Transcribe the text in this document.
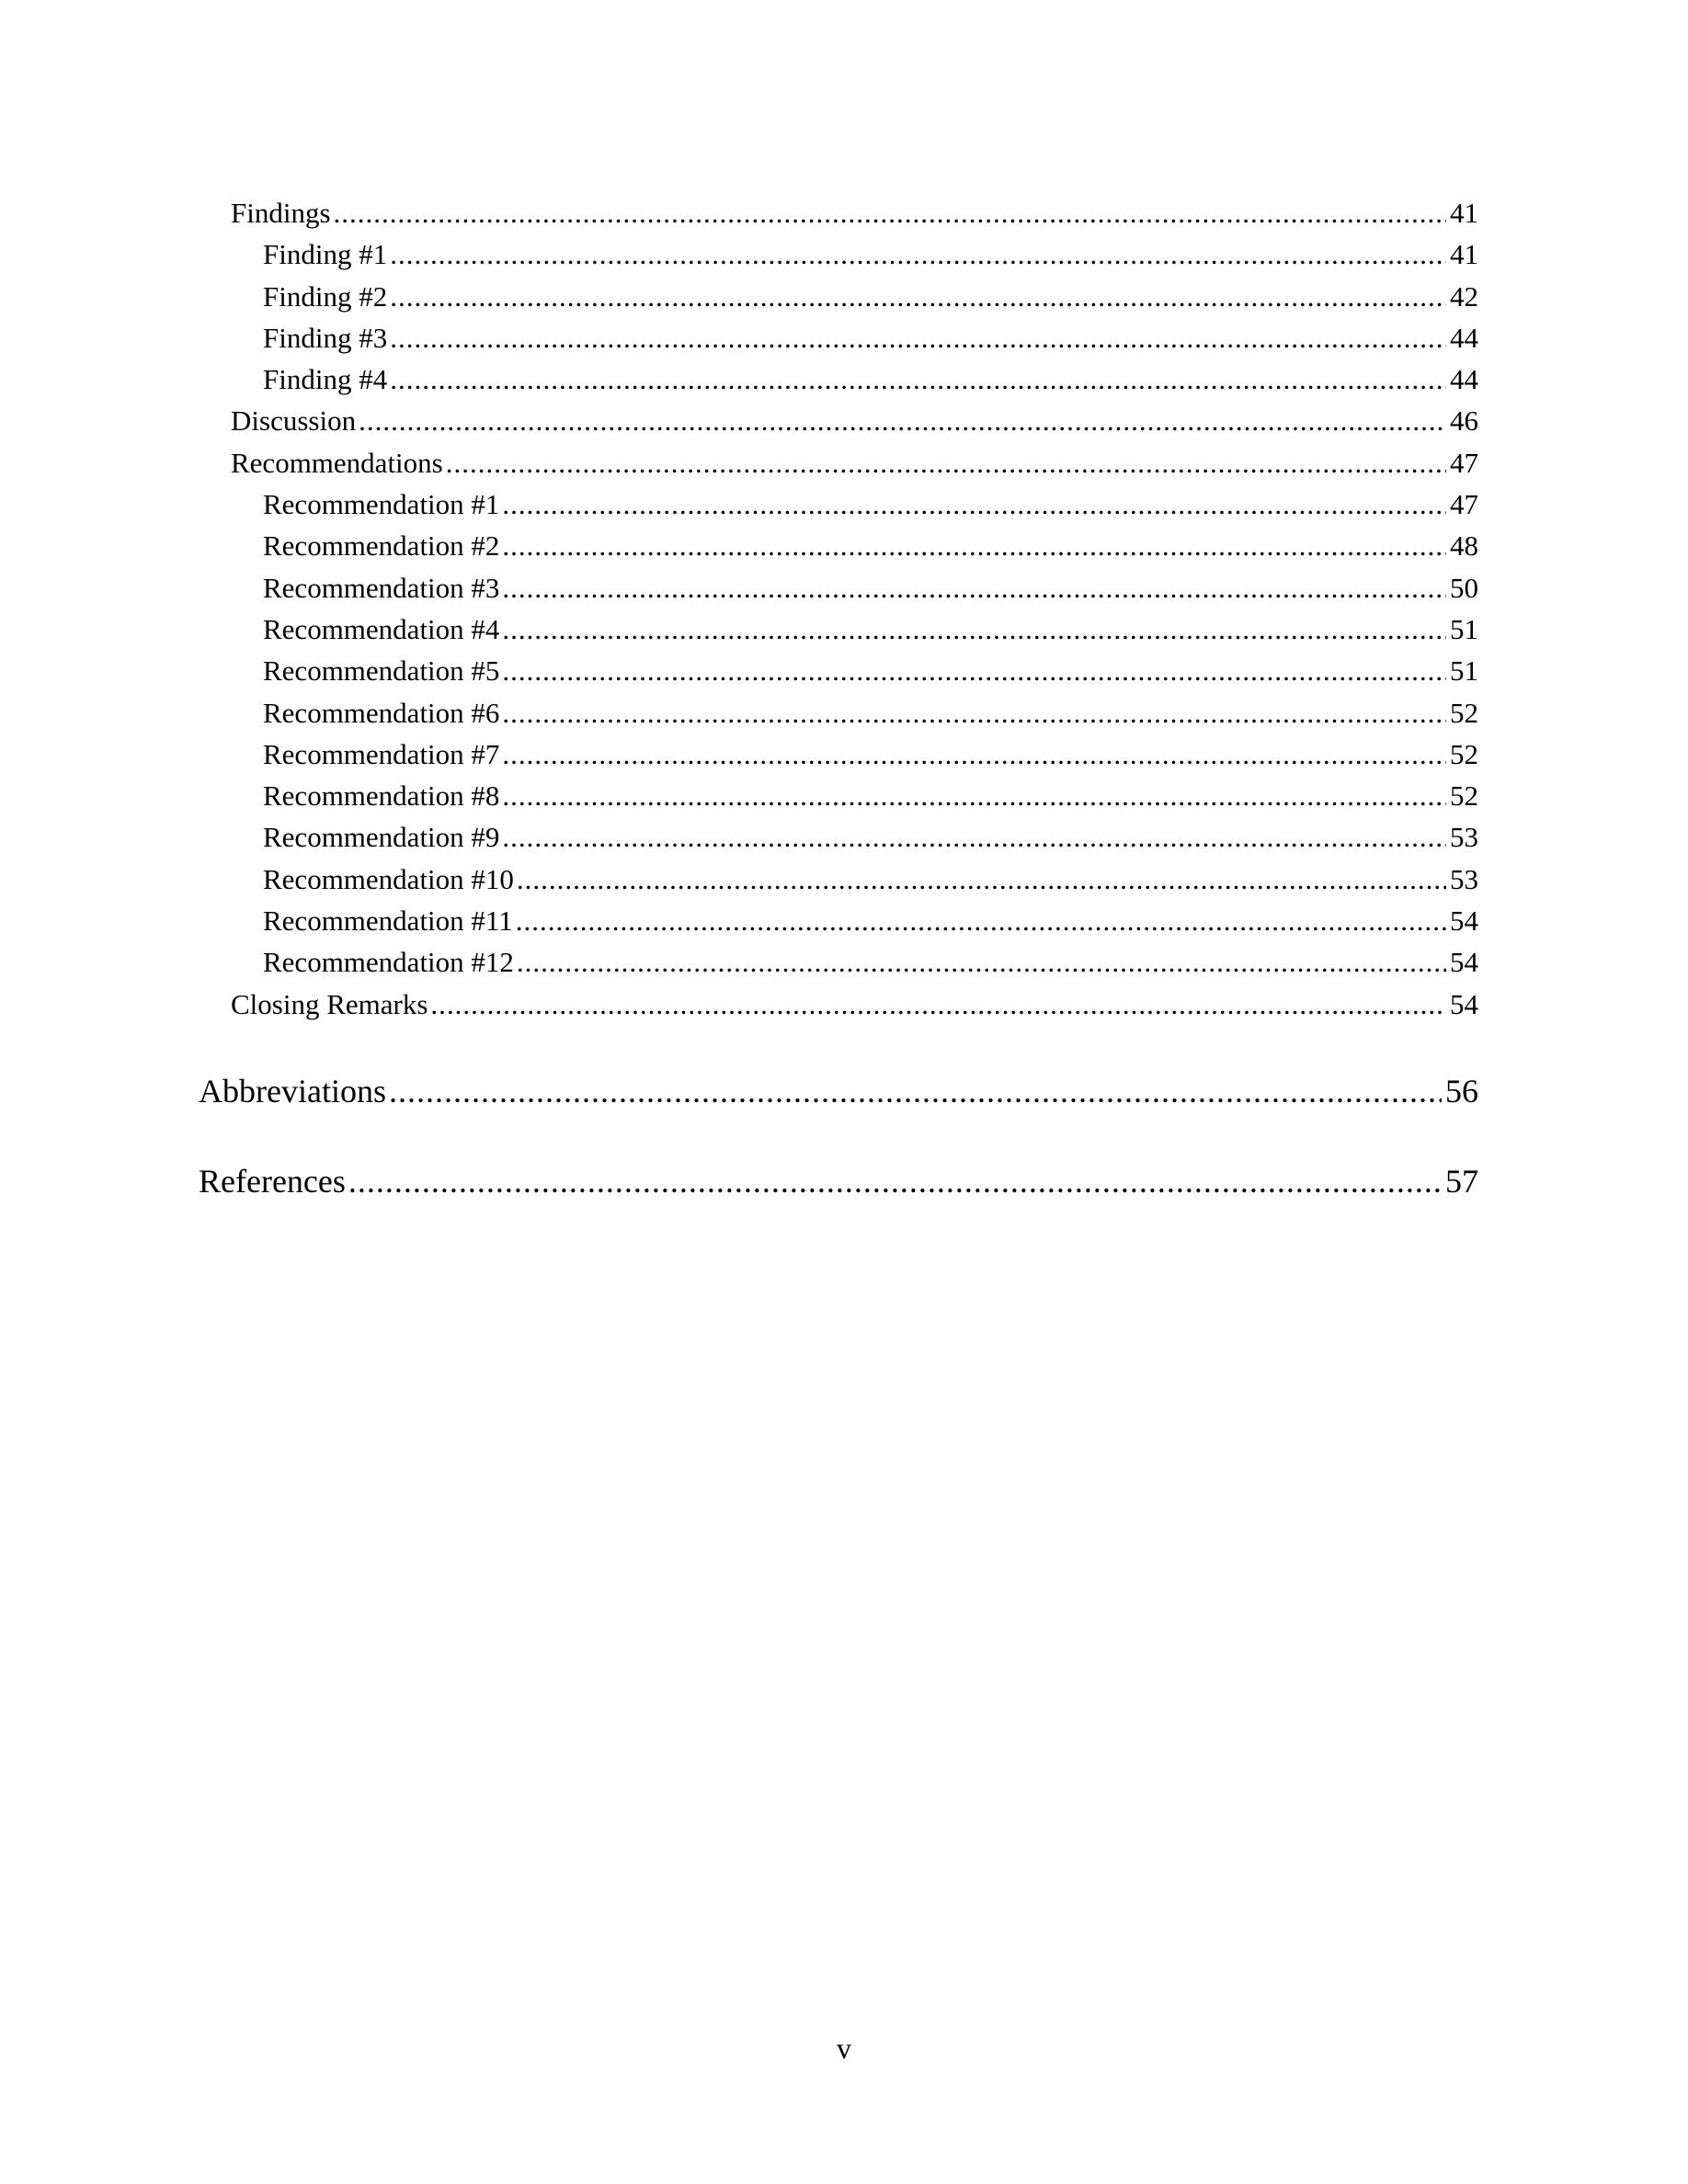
Findings .....	41
Finding #1 .....	41
Finding #2 .....	42
Finding #3 .....	44
Finding #4 .....	44
Discussion .....	46
Recommendations .....	47
Recommendation #1 .....	47
Recommendation #2 .....	48
Recommendation #3 .....	50
Recommendation #4 .....	51
Recommendation #5 .....	51
Recommendation #6 .....	52
Recommendation #7 .....	52
Recommendation #8 .....	52
Recommendation #9 .....	53
Recommendation #10 .....	53
Recommendation #11 .....	54
Recommendation #12 .....	54
Closing Remarks .....	54
Abbreviations .....	56
References .....	57
v
